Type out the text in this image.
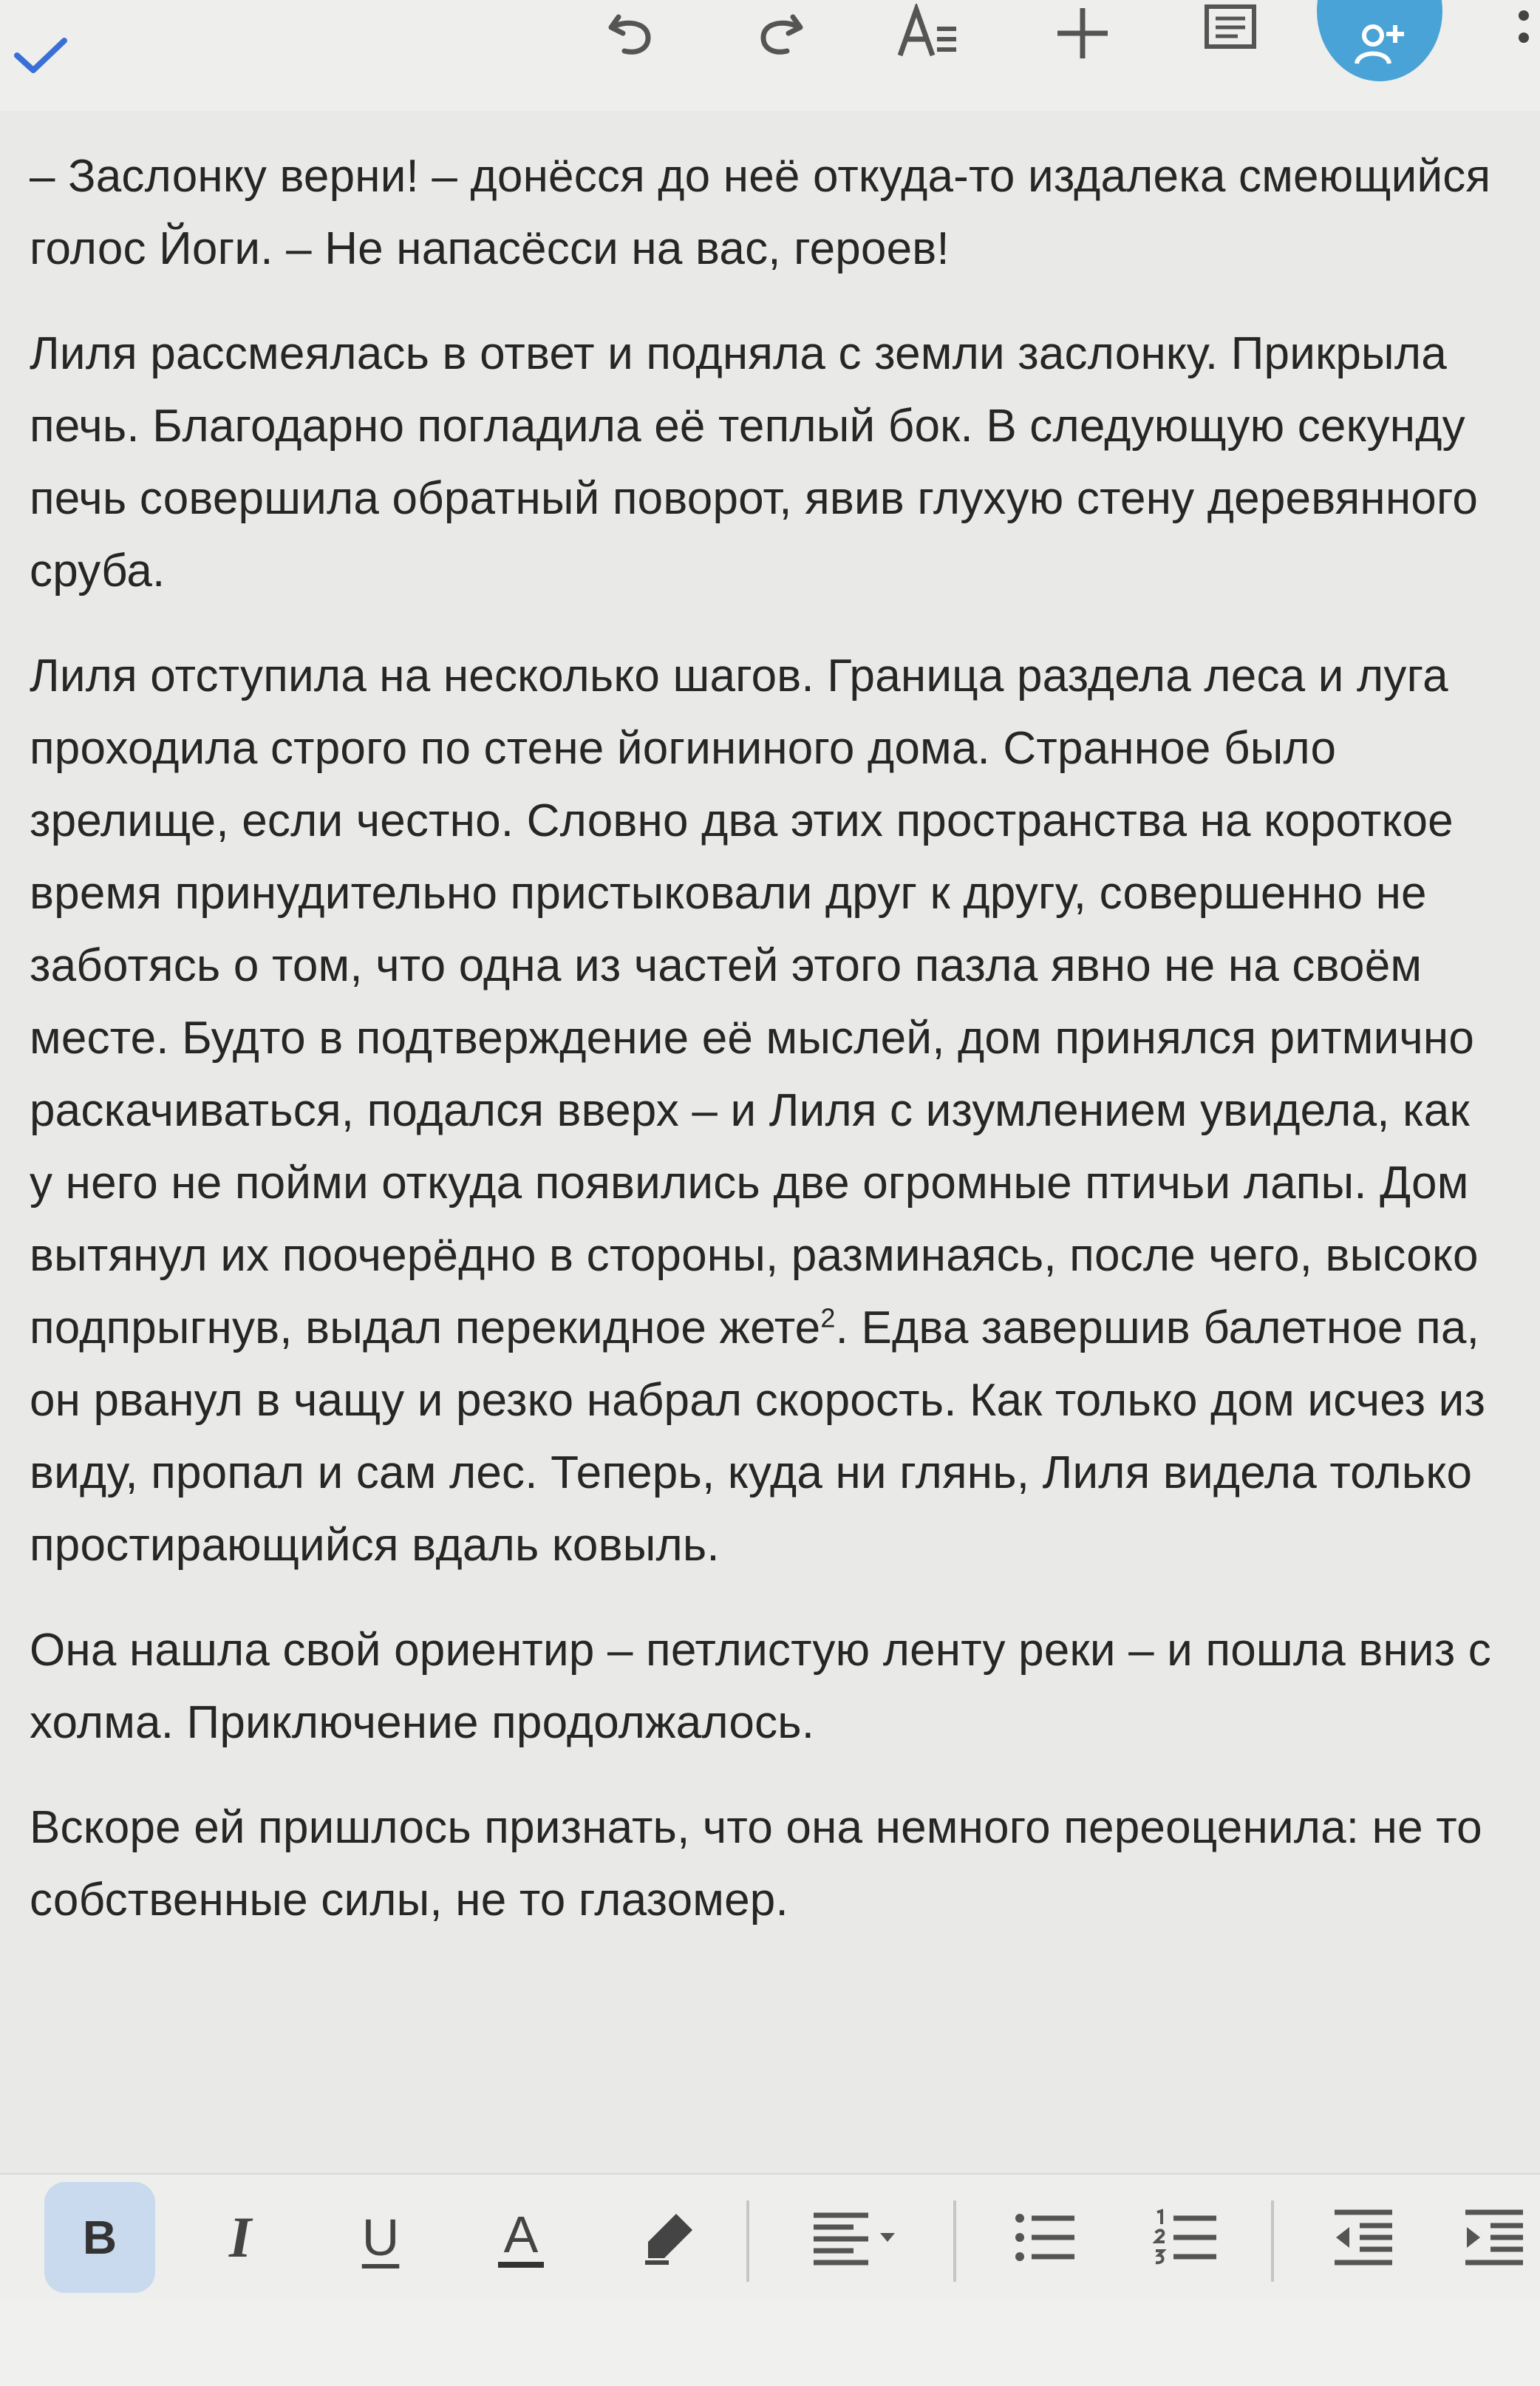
– Заслонку верни! – донёсся до неё откуда-то издалека смеющийся голос Йоги. – Не напасёсси на вас, героев!

Лиля рассмеялась в ответ и подняла с земли заслонку. Прикрыла печь. Благодарно погладила её теплый бок. В следующую секунду печь совершила обратный поворот, явив глухую стену деревянного сруба.

Лиля отступила на несколько шагов. Граница раздела леса и луга проходила строго по стене йогининого дома. Странное было зрелище, если честно. Словно два этих пространства на короткое время принудительно пристыковали друг к другу, совершенно не заботясь о том, что одна из частей этого пазла явно не на своём месте. Будто в подтверждение её мыслей, дом принялся ритмично раскачиваться, подался вверх – и Лиля с изумлением увидела, как у него не пойми откуда появились две огромные птичьи лапы. Дом вытянул их поочерёдно в стороны, разминаясь, после чего, высоко подпрыгнув, выдал перекидное жете$^2$. Едва завершив балетное па, он рванул в чащу и резко набрал скорость. Как только дом исчез из виду, пропал и сам лес. Теперь, куда ни глянь, Лиля видела только простирающийся вдаль ковыль.

Она нашла свой ориентир – петлистую ленту реки – и пошла вниз с холма. Приключение продолжалось.

Вскоре ей пришлось признать, что она немного переоценила: не то собственные силы, не то глазомер.

B I U A
